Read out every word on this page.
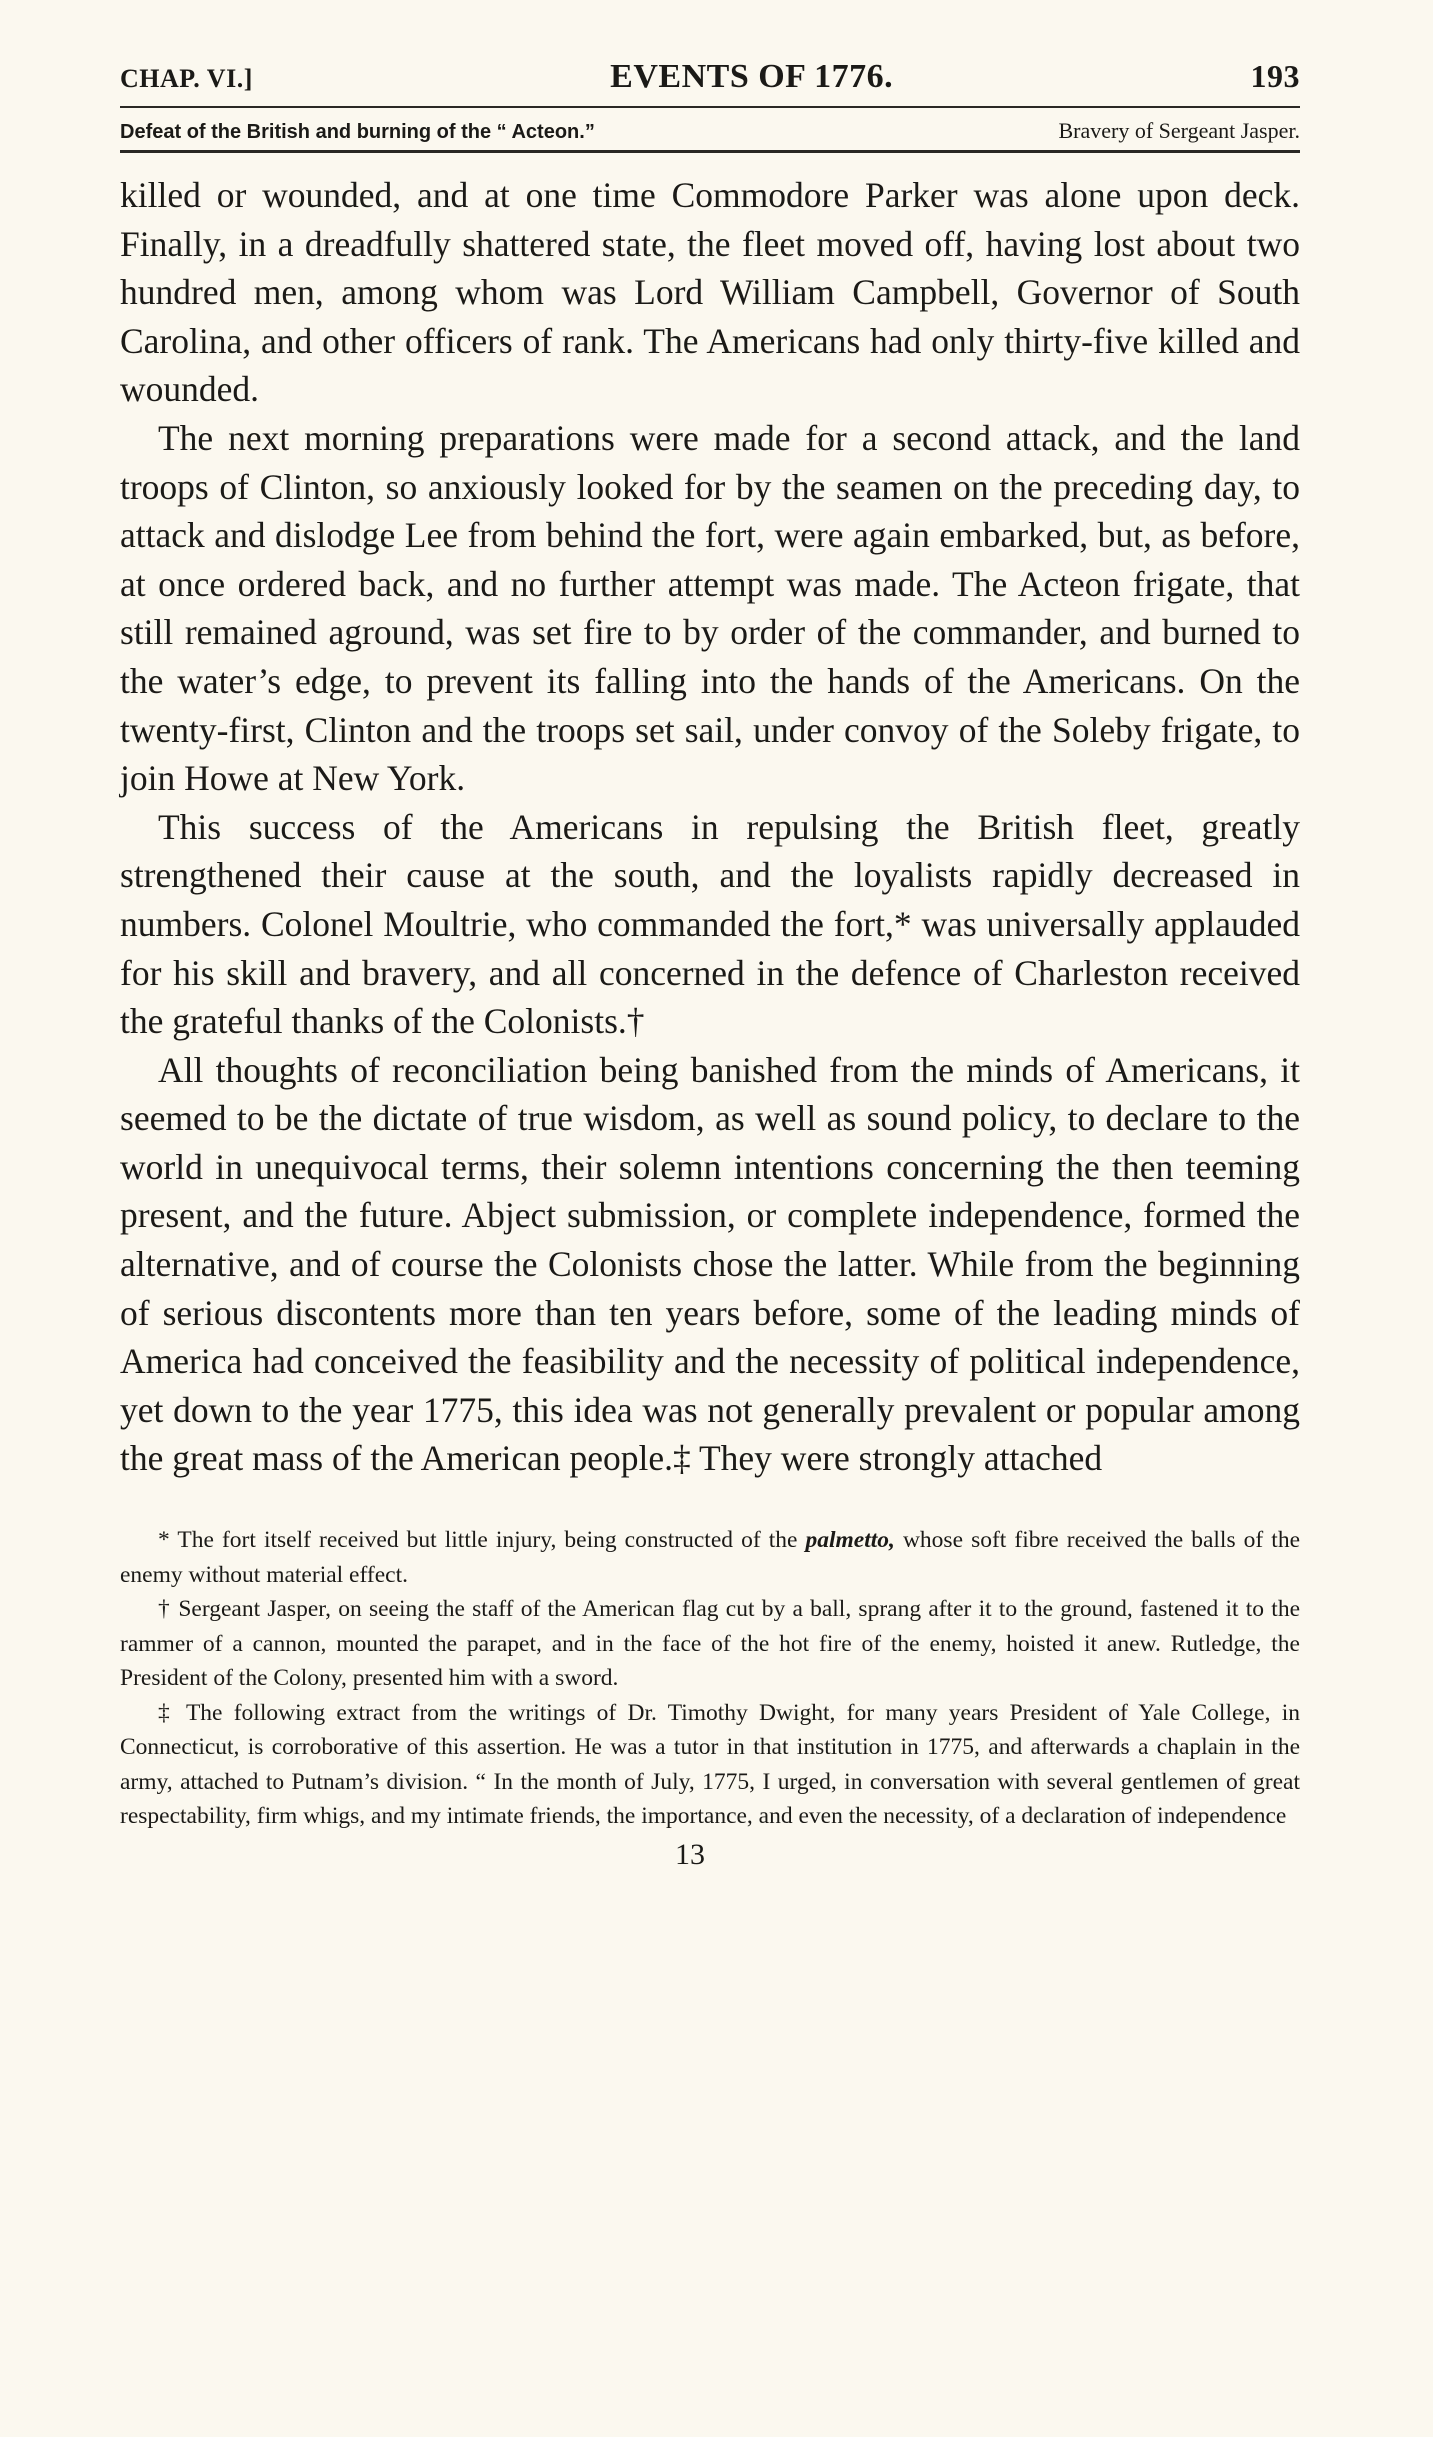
CHAP. VI.]	EVENTS OF 1776.	193
Defeat of the British and burning of the “ Acteon.”	Bravery of Sergeant Jasper.

killed or wounded, and at one time Commodore Parker was alone upon deck. Finally, in a dreadfully shattered state, the fleet moved off, having lost about two hundred men, among whom was Lord William Campbell, Governor of South Carolina, and other officers of rank. The Americans had only thirty-five killed and wounded.

The next morning preparations were made for a second attack, and the land troops of Clinton, so anxiously looked for by the seamen on the preceding day, to attack and dislodge Lee from behind the fort, were again embarked, but, as before, at once ordered back, and no further attempt was made. The Acteon frigate, that still remained aground, was set fire to by order of the commander, and burned to the water’s edge, to prevent its falling into the hands of the Americans. On the twenty-first, Clinton and the troops set sail, under convoy of the Soleby frigate, to join Howe at New York.

This success of the Americans in repulsing the British fleet, greatly strengthened their cause at the south, and the loyalists rapidly decreased in numbers. Colonel Moultrie, who commanded the fort,* was universally applauded for his skill and bravery, and all concerned in the defence of Charleston received the grateful thanks of the Colonists.†

All thoughts of reconciliation being banished from the minds of Americans, it seemed to be the dictate of true wisdom, as well as sound policy, to declare to the world in unequivocal terms, their solemn intentions concerning the then teeming present, and the future. Abject submission, or complete independence, formed the alternative, and of course the Colonists chose the latter. While from the beginning of serious discontents more than ten years before, some of the leading minds of America had conceived the feasibility and the necessity of political independence, yet down to the year 1775, this idea was not generally prevalent or popular among the great mass of the American people.‡ They were strongly attached

* The fort itself received but little injury, being constructed of the palmetto, whose soft fibre received the balls of the enemy without material effect.

† Sergeant Jasper, on seeing the staff of the American flag cut by a ball, sprang after it to the ground, fastened it to the rammer of a cannon, mounted the parapet, and in the face of the hot fire of the enemy, hoisted it anew. Rutledge, the President of the Colony, presented him with a sword.

‡ The following extract from the writings of Dr. Timothy Dwight, for many years President of Yale College, in Connecticut, is corroborative of this assertion. He was a tutor in that institution in 1775, and afterwards a chaplain in the army, attached to Putnam’s division. “ In the month of July, 1775, I urged, in conversation with several gentlemen of great respectability, firm whigs, and my intimate friends, the importance, and even the necessity, of a declaration of independence

13
